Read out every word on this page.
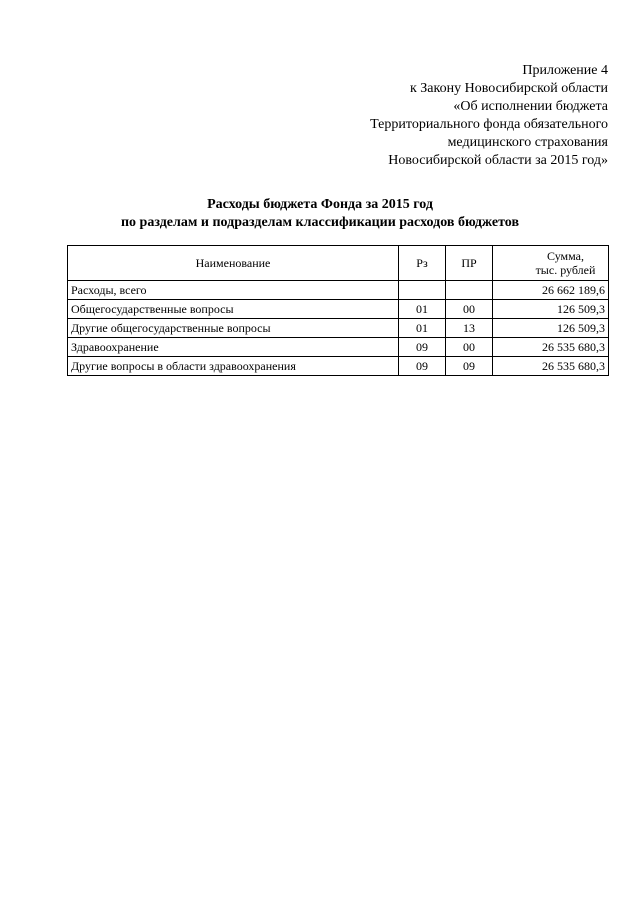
Приложение 4
к Закону Новосибирской области
«Об исполнении бюджета
Территориального фонда обязательного
медицинского страхования
Новосибирской области за 2015 год»
Расходы бюджета Фонда за 2015 год
по разделам и подразделам классификации расходов бюджетов
Наименование	Рз	ПР	Сумма,
тыс. рублей

Расходы, всего			26 662 189,6
Общегосударственные вопросы	01	00	126 509,3
Другие общегосударственные вопросы	01	13	126 509,3
Здравоохранение	09	00	26 535 680,3
Другие вопросы в области здравоохранения	09	09	26 535 680,3
